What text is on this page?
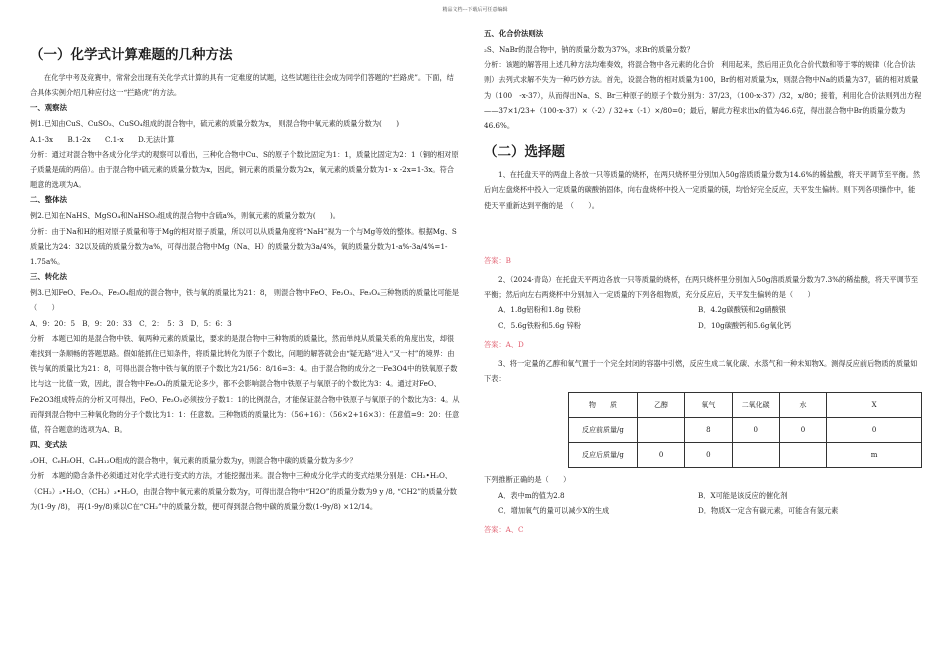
精品文档---下载后可任意编辑
（一）化学式计算难题的几种方法

在化学中考及竞赛中，常常会出现有关化学式计算的具有一定难度的试题，这些试题往往会成为同学们答题的“拦路虎”。下面，结合具体实例介绍几种应付这一“拦路虎”的方法。

一、观察法

例1.已知由CuS、CuSO₃、CuSO₄组成的混合物中，硫元素的质量分数为x， 则混合物中氧元素的质量分数为(　　)

A.1-3x　　B.1-2x　　C.1-x　　D.无法计算

分析：通过对混合物中各成分化学式的观察可以看出，三种化合物中Cu、S的原子个数比固定为1：1，质量比固定为2：1（铜的相对原子质量是硫的两倍）。由于混合物中硫元素的质量分数为x，因此，铜元素的质量分数为2x，氧元素的质量分数为1- x -2x=1-3x。符合题意的选项为A。

二、整体法

例2.已知在NaHS、MgSO₄和NaHSO₃组成的混合物中含硫a%，则氧元素的质量分数为(　　)。

分析：由于Na和H的相对原子质量和等于Mg的相对原子质量，所以可以从质量角度将“NaH”视为一个与Mg等效的整体。根据Mg、S质量比为24：32以及硫的质量分数为a%，可得出混合物中Mg（Na、H）的质量分数为3a/4%，氧的质量分数为1-a%-3a/4%=1-1.75a%。

三、转化法

例3.已知FeO、Fe₂O₃、Fe₃O₄组成的混合物中，铁与氧的质量比为21：8， 则混合物中FeO、Fe₂O₃、Fe₃O₄三种物质的质量比可能是　（　　）

A．9：20：5　B．9：20：33　C．2：　5：3　D．5：6：3

分析　本题已知的是混合物中铁、氧两种元素的质量比，要求的是混合物中三种物质的质量比，然而单纯从质量关系的角度出发，却很难找到一条顺畅的答题思路。假如能抓住已知条件，将质量比转化为原子个数比，问题的解答就会由“疑无路”进入“又一村”的境界：由铁与氧的质量比为21：8，可得出混合物中铁与氧的原子个数比为21/56：8/16=3：4。由于混合物的成分之一Fe3O4中的铁氧原子数比与这一比值一致，因此，混合物中Fe₃O₄的质量无论多少，都不会影响混合物中铁原子与氧原子的个数比为3：4。通过对FeO、Fe2O3组成特点的分析又可得出，FeO、Fe₂O₃必须按分子数1：1的比例混合，才能保证混合物中铁原子与氧原子的个数比为3：4。从而得到混合物中三种氧化物的分子个数比为1：1：任意数。三种物质的质量比为：（56+16）：（56×2+16×3）：任意值=9：20：任意值，符合题意的选项为A、B。

四、变式法

₂OH、C₆H₅OH、C₆H₁₂O组成的混合物中，氧元素的质量分数为y，则混合物中碳的质量分数为多少？

分析　本题的隐含条件必须通过对化学式进行变式的方法，才能挖掘出来。混合物中三种成分化学式的变式结果分别是：CH₂•H₂O、（CH₂）₂•H₂O、（CH₂）₃•H₂O，由混合物中氧元素的质量分数为y，可得出混合物中“H2O”的质量分数为9 y /8, “CH2”的质量分数为(1-9y /8)， 再(1-9y/8)乘以C在“CH₂”中的质量分数，便可得到混合物中碳的质量分数(1-9y/8) ×12/14。

五、化合价法则法

₂S、NaBr的混合物中，钠的质量分数为37%，求Br的质量分数？

分析：该题的解答用上述几种方法均难奏效，将混合物中各元素的化合价　利用起来，然后用正负化合价代数和等于零的规律（化合价法则）去列式求解不失为一种巧妙方法。首先，设混合物的相对质量为100，Br的相对质量为x，则混合物中Na的质量为37，硫的相对质量为（100　-x-37），从而得出Na、S、Br三种原子的原子个数分别为：37/23，（100-x-37）/32，x/80；接着，利用化合价法则列出方程——37×1/23+（100-x-37）×（-2）/ 32+x（-1）×/80=0；最后，解此方程求出x的值为46.6克，得出混合物中Br的质量分数为46.6%。

（二）选择题

1、在托盘天平的两盘上各放一只等质量的烧杯，在两只烧杯里分别加入50g溶质质量分数为14.6%的稀盐酸，将天平调节至平衡。然后向左盘烧杯中投入一定质量的碳酸钠固体，向右盘烧杯中投入一定质量的镁，均恰好完全反应，天平发生偏转。则下列各项操作中，能使天平重新达到平衡的是　（　　）。

答案：B

2、（2024·青岛）在托盘天平两边各放一只等质量的烧杯，在两只烧杯里分别加入50g溶质质量分数为7.3%的稀盐酸，将天平调节至平衡；然后向左右两烧杯中分别加入一定质量的下列各组物质，充分反应后，天平发生偏转的是（　　）

A．1.8g铝粉和1.8g 铁粉	B．4.2g碳酸镁和2g硝酸银
C．5.6g铁粉和5.6g 锌粉	D．10g碳酸钙和5.6g氧化钙

答案：A、D

3、将一定量的乙醇和氧气置于一个完全封闭的容器中引燃，反应生成二氧化碳、水蒸气和一种未知物X。测得反应前后物质的质量如下表：

物　　质	乙醇	氧气	二氧化碳	水	X
反应前质量/g		8	0	0	0
反应后质量/g	0	0			m

下列推断正确的是（　　）

A．表中m的值为2.8	B．X可能是该反应的催化剂
C．增加氧气的量可以减少X的生成	D．物质X一定含有碳元素，可能含有氢元素

答案：A、C
